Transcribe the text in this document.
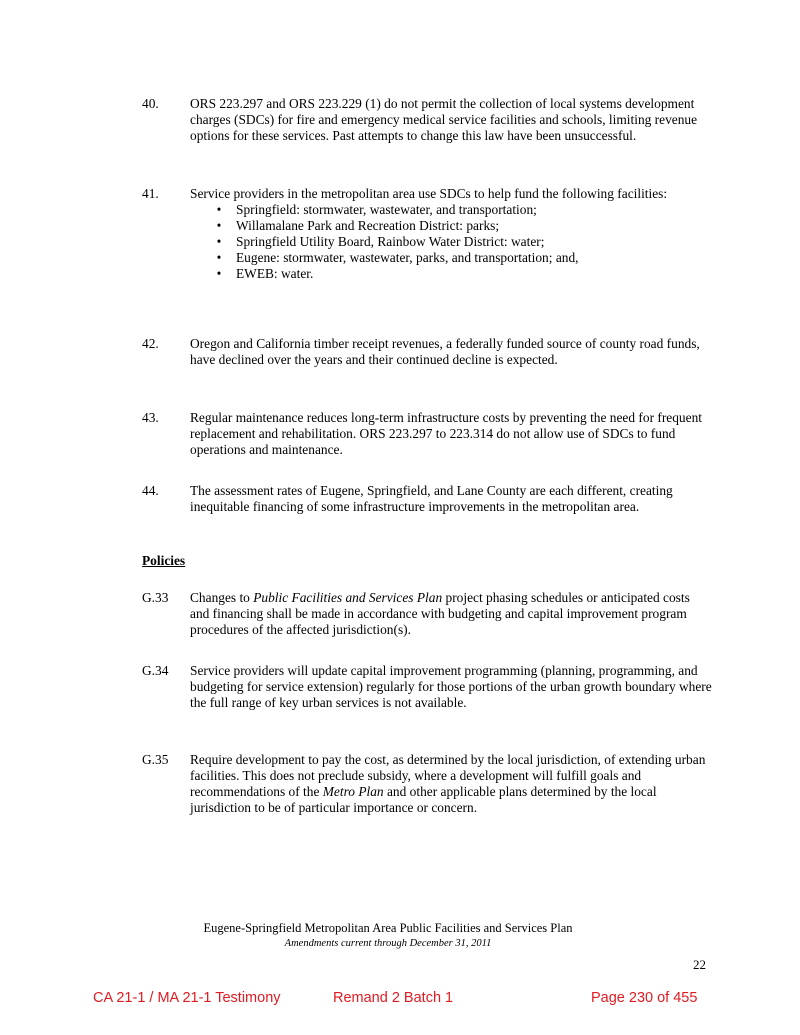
40.	ORS 223.297 and ORS 223.229 (1) do not permit the collection of local systems development charges (SDCs) for fire and emergency medical service facilities and schools, limiting revenue options for these services. Past attempts to change this law have been unsuccessful.
41.	Service providers in the metropolitan area use SDCs to help fund the following facilities:
•	Springfield: stormwater, wastewater, and transportation;
•	Willamalane Park and Recreation District: parks;
•	Springfield Utility Board, Rainbow Water District: water;
•	Eugene: stormwater, wastewater, parks, and transportation; and,
•	EWEB: water.
42.	Oregon and California timber receipt revenues, a federally funded source of county road funds, have declined over the years and their continued decline is expected.
43.	Regular maintenance reduces long-term infrastructure costs by preventing the need for frequent replacement and rehabilitation. ORS 223.297 to 223.314 do not allow use of SDCs to fund operations and maintenance.
44.	The assessment rates of Eugene, Springfield, and Lane County are each different, creating inequitable financing of some infrastructure improvements in the metropolitan area.
Policies
G.33	Changes to Public Facilities and Services Plan project phasing schedules or anticipated costs and financing shall be made in accordance with budgeting and capital improvement program procedures of the affected jurisdiction(s).
G.34	Service providers will update capital improvement programming (planning, programming, and budgeting for service extension) regularly for those portions of the urban growth boundary where the full range of key urban services is not available.
G.35	Require development to pay the cost, as determined by the local jurisdiction, of extending urban facilities. This does not preclude subsidy, where a development will fulfill goals and recommendations of the Metro Plan and other applicable plans determined by the local jurisdiction to be of particular importance or concern.
Eugene-Springfield Metropolitan Area Public Facilities and Services Plan
Amendments current through December 31, 2011
22
CA 21-1 / MA 21-1 Testimony	Remand 2 Batch 1	Page 230 of 455
